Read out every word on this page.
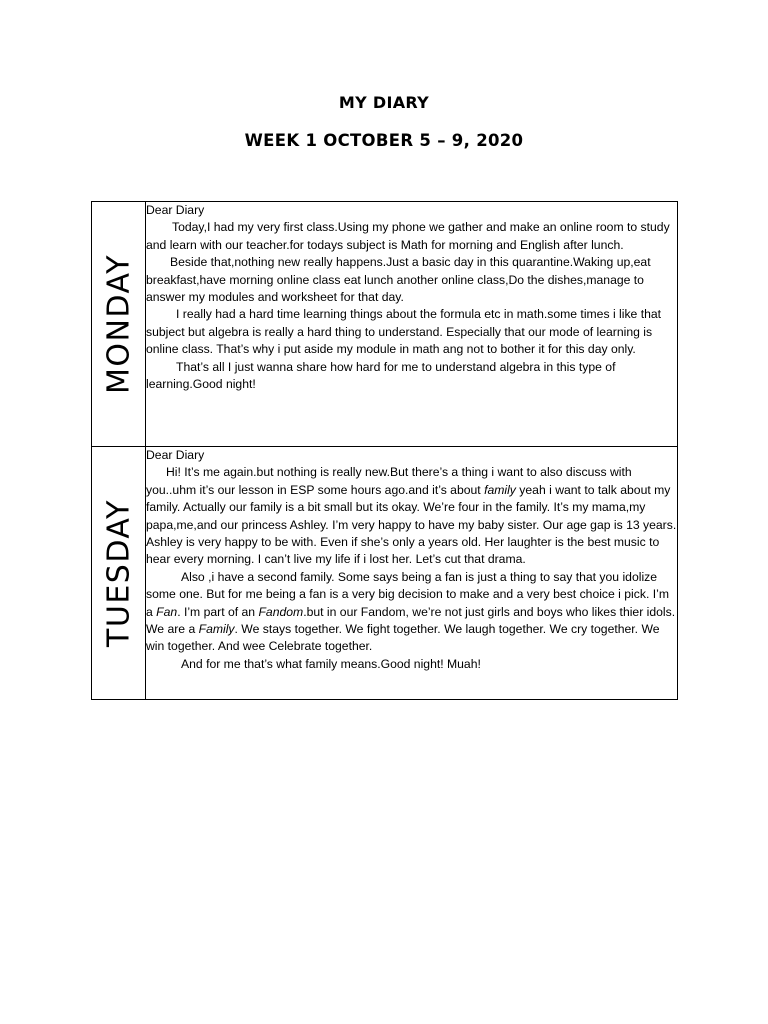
MY DIARY
WEEK 1 OCTOBER 5 – 9, 2020
MONDAY	Dear Diary

Today,I had my very first class.Using my phone we gather and make an online room to study and learn with our teacher.for todays subject is Math for morning and English after lunch.

Beside that,nothing new really happens.Just a basic day in this quarantine.Waking up,eat breakfast,have morning online class eat lunch another online class,Do the dishes,manage to answer my modules and worksheet for that day.

I really had a hard time learning things about the formula etc in math.some times i like that subject but algebra is really a hard thing to understand. Especially that our mode of learning is online class. That’s why i put aside my module in math ang not to bother it for this day only.

That’s all I just wanna share how hard for me to understand algebra in this type of learning.Good night!

TUESDAY	Dear Diary

Hi! It’s me again.but nothing is really new.But there’s a thing i want to also discuss with you..uhm it’s our lesson in ESP some hours ago.and it’s about family yeah i want to talk about my family. Actually our family is a bit small but its okay. We’re four in the family. It’s my mama,my papa,me,and our princess Ashley. I’m very happy to have my baby sister. Our age gap is 13 years. Ashley is very happy to be with. Even if she’s only a years old. Her laughter is the best music to hear every morning. I can’t live my life if i lost her. Let’s cut that drama.

Also ,i have a second family. Some says being a fan is just a thing to say that you idolize some one. But for me being a fan is a very big decision to make and a very best choice i pick. I’m a Fan. I’m part of an Fandom.but in our Fandom, we’re not just girls and boys who likes thier idols. We are a Family. We stays together. We fight together. We laugh together. We cry together. We win together. And wee Celebrate together.

And for me that’s what family means.Good night! Muah!
